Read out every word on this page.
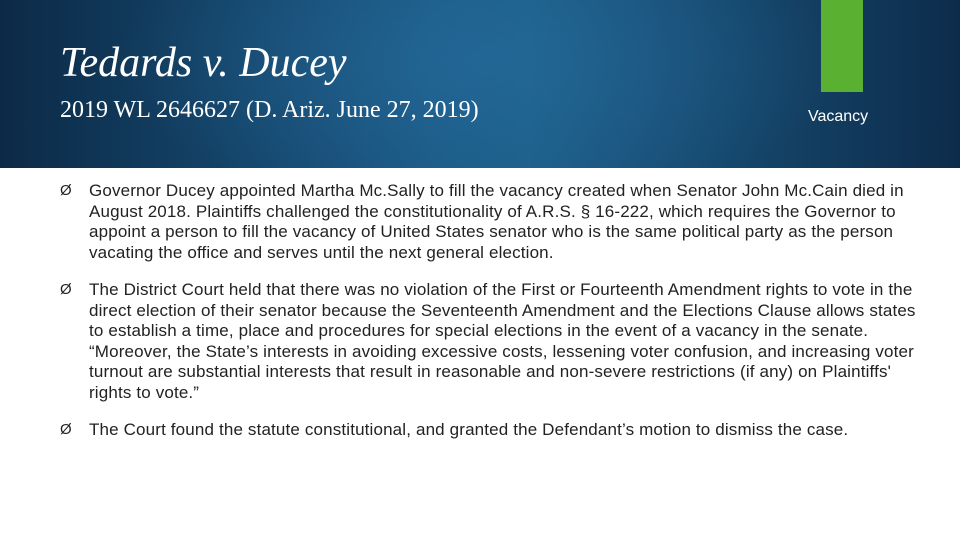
Tedards v. Ducey
2019 WL 2646627 (D. Ariz. June 27, 2019)	Vacancy
Ø Governor Ducey appointed Martha Mc.Sally to fill the vacancy created when Senator John Mc.Cain died in August 2018. Plaintiffs challenged the constitutionality of A.R.S. § 16-222, which requires the Governor to appoint a person to fill the vacancy of United States senator who is the same political party as the person vacating the office and serves until the next general election.
Ø The District Court held that there was no violation of the First or Fourteenth Amendment rights to vote in the direct election of their senator because the Seventeenth Amendment and the Elections Clause allows states to establish a time, place and procedures for special elections in the event of a vacancy in the senate. “Moreover, the State’s interests in avoiding excessive costs, lessening voter confusion, and increasing voter turnout are substantial interests that result in reasonable and non-severe restrictions (if any) on Plaintiffs' rights to vote.”
Ø The Court found the statute constitutional, and granted the Defendant’s motion to dismiss the case.
